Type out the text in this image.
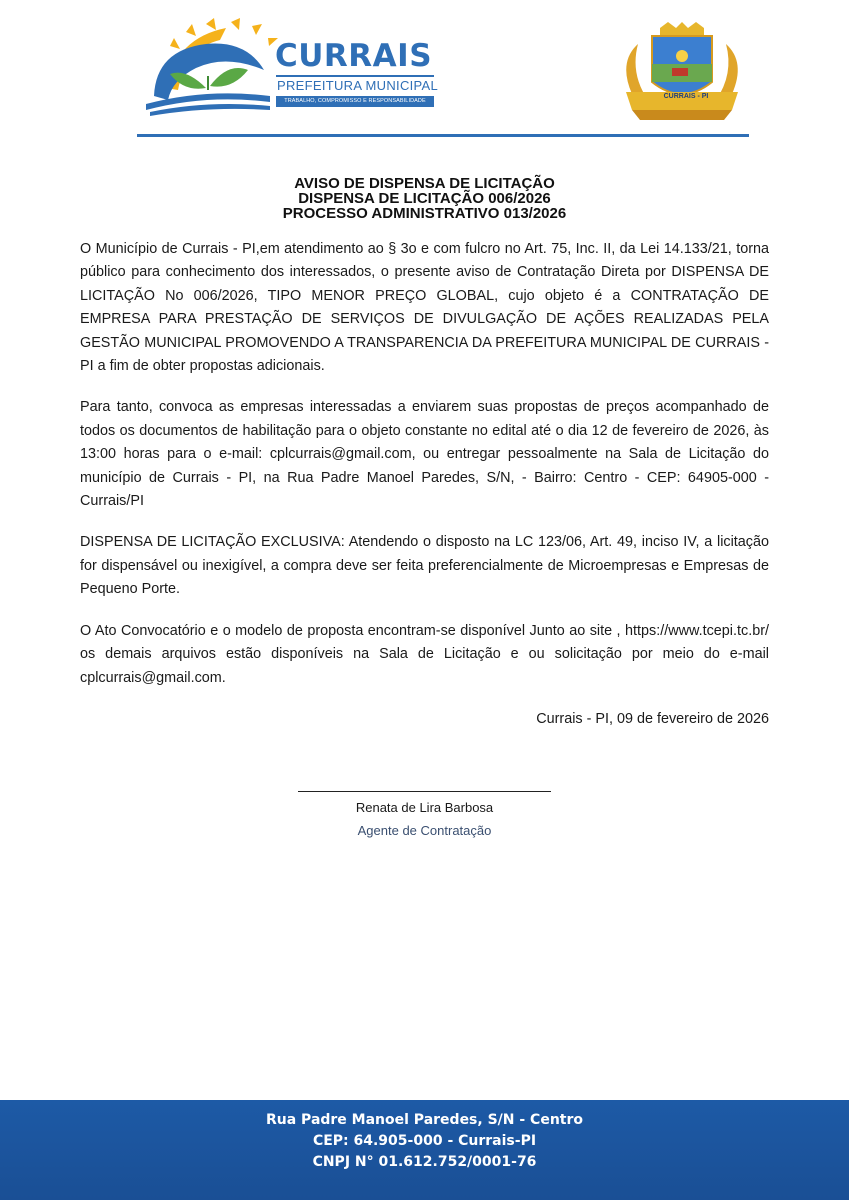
CURRAIS

PREFEITURA MUNICIPAL
TRABALHO, COMPROMISSO E RESPONSABILIDADE
CURRAIS - PI

AVISO DE DISPENSA DE LICITAÇÃO

DISPENSA DE LICITAÇÃO 006/2026

PROCESSO ADMINISTRATIVO 013/2026

O Município de Currais - PI,em atendimento ao § 3o e com fulcro no Art. 75, Inc. II, da Lei 14.133/21, torna público para conhecimento dos interessados, o presente aviso de Contratação Direta por DISPENSA DE LICITAÇÃO No 006/2026, TIPO MENOR PREÇO GLOBAL, cujo objeto é a CONTRATAÇÃO DE EMPRESA PARA PRESTAÇÃO DE SERVIÇOS DE DIVULGAÇÃO DE AÇÕES REALIZADAS PELA GESTÃO MUNICIPAL PROMOVENDO A TRANSPARENCIA DA PREFEITURA MUNICIPAL DE CURRAIS - PI a fim de obter propostas adicionais.

Para tanto, convoca as empresas interessadas a enviarem suas propostas de preços acompanhado de todos os documentos de habilitação para o objeto constante no edital até o dia 12 de fevereiro de 2026, às 13:00 horas para o e-mail: cplcurrais@gmail.com, ou entregar pessoalmente na Sala de Licitação do município de Currais - PI, na Rua Padre Manoel Paredes, S/N, - Bairro: Centro - CEP: 64905-000 - Currais/PI

DISPENSA DE LICITAÇÃO EXCLUSIVA: Atendendo o disposto na LC 123/06, Art. 49, inciso IV, a licitação for dispensável ou inexigível, a compra deve ser feita preferencialmente de Microempresas e Empresas de Pequeno Porte.

O Ato Convocatório e o modelo de proposta encontram-se disponível Junto ao site , https://www.tcepi.tc.br/ os demais arquivos estão disponíveis na Sala de Licitação e ou solicitação por meio do e-mail cplcurrais@gmail.com.

Currais - PI, 09 de fevereiro de 2026

Renata de Lira Barbosa

Agente de Contratação

Rua Padre Manoel Paredes, S/N - Centro

CEP: 64.905-000 - Currais-PI

CNPJ N° 01.612.752/0001-76
